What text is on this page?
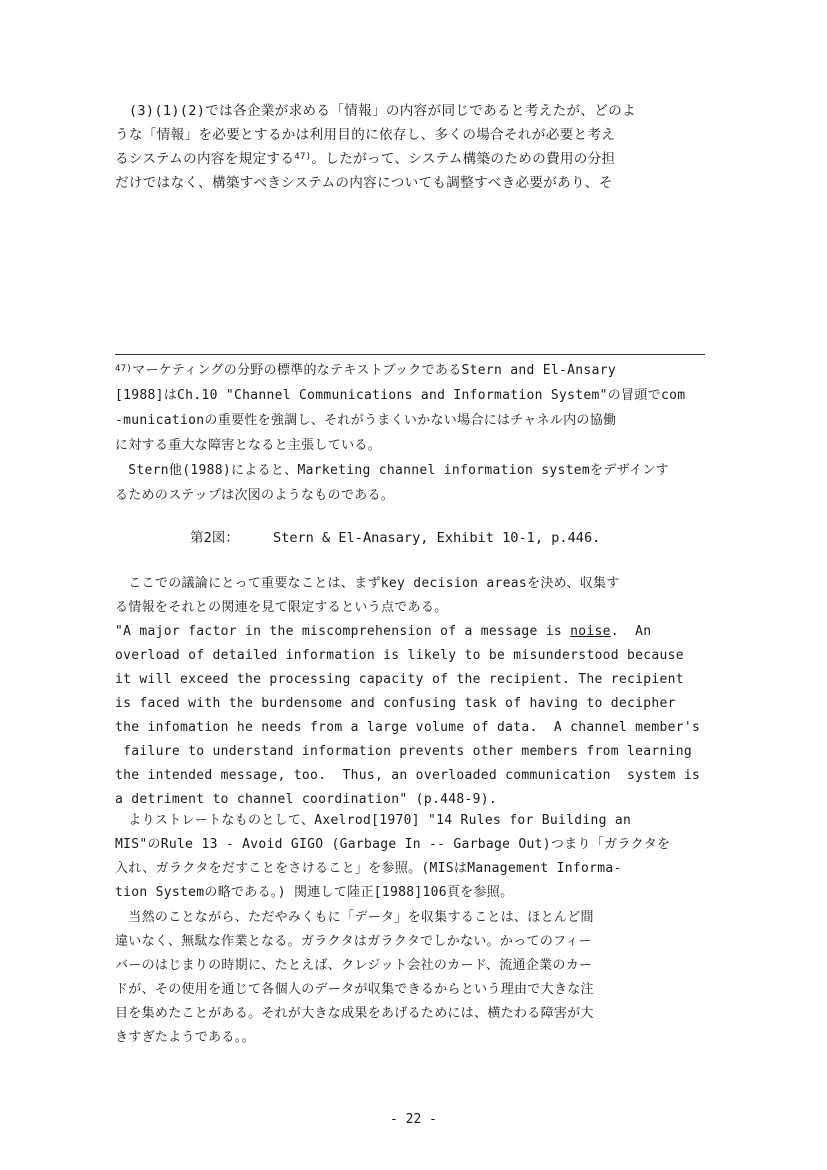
　(3)(1)(2)では各企業が求める「情報」の内容が同じであると考えたが、どのよ
うな「情報」を必要とするかは利用目的に依存し、多くの場合それが必要と考え
るシステムの内容を規定する$^{47)}$。したがって、システム構築のための費用の分担
だけではなく、構築すべきシステムの内容についても調整すべき必要があり、そ
$^{47)}$マーケティングの分野の標準的なテキストブックであるStern and El-Ansary
[1988]はCh.10 "Channel Communications and Information System"の冒頭でcom
-municationの重要性を強調し、それがうまくいかない場合にはチャネル内の協働
に対する重大な障害となると主張している。
　Stern他(1988)によると、Marketing channel information systemをデザインす
るためのステップは次図のようなものである。
第2図：　　　Stern & El-Anasary, Exhibit 10-1, p.446.
　ここでの議論にとって重要なことは、まずkey decision areasを決め、収集す
る情報をそれとの関連を見て限定するという点である。
"A major factor in the miscomprehension of a message is noise.  An
overload of detailed information is likely to be misunderstood because
it will exceed the processing capacity of the recipient. The recipient
is faced with the burdensome and confusing task of having to decipher
the infomation he needs from a large volume of data.  A channel member's
failure to understand information prevents other members from learning
the intended message, too.  Thus, an overloaded communication  system is
a detriment to channel coordination" (p.448-9).
　よりストレートなものとして、Axelrod[1970] "14 Rules for Building an
MIS"のRule 13 - Avoid GIGO (Garbage In -- Garbage Out)つまり「ガラクタを
入れ、ガラクタをだすことをさけること」を参照。(MISはManagement Informa-
tion Systemの略である。) 関連して陸正[1988]106頁を参照。
　当然のことながら、ただやみくもに「データ」を収集することは、ほとんど間
違いなく、無駄な作業となる。ガラクタはガラクタでしかない。かってのフィー
バーのはじまりの時期に、たとえば、クレジット会社のカード、流通企業のカー
ドが、その使用を通じて各個人のデータが収集できるからという理由で大きな注
目を集めたことがある。それが大きな成果をあげるためには、横たわる障害が大
きすぎたようである。。
- 22 -
